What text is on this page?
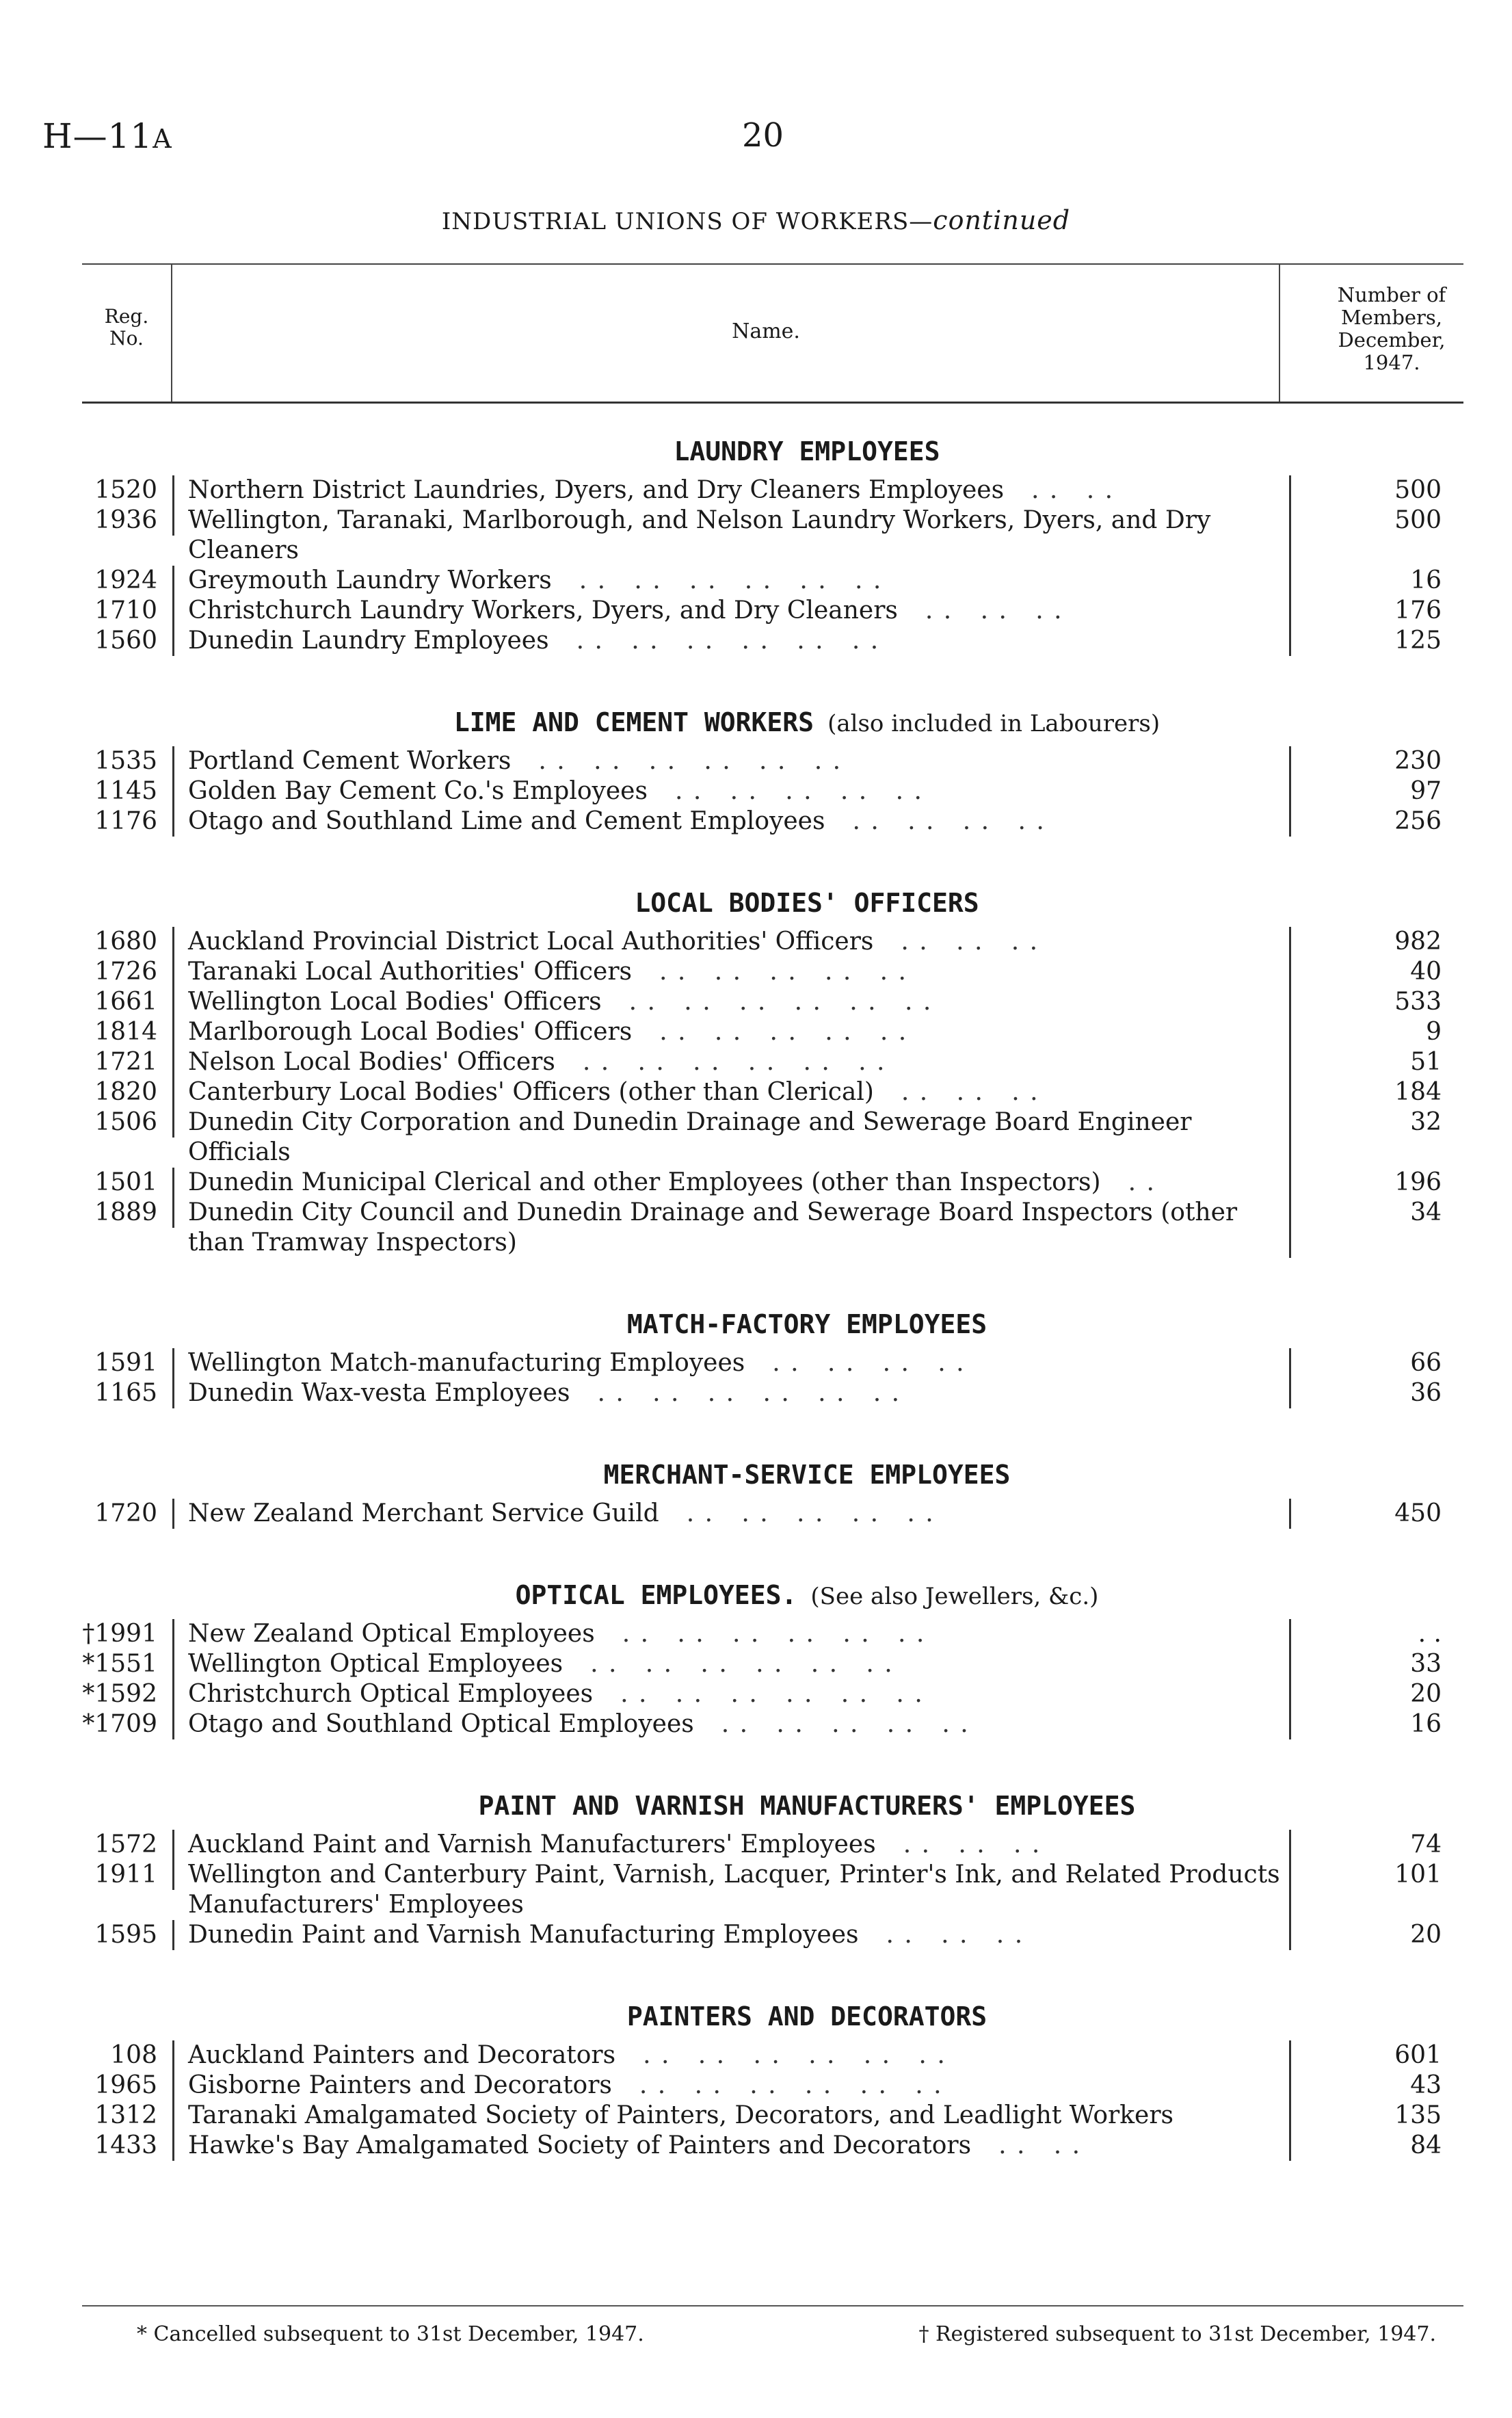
H—11A	20
INDUSTRIAL UNIONS OF WORKERS—continued
Reg.
No.	Name.
Number of
Members,
December,
1947.
LAUNDRY EMPLOYEES
1520	Northern District Laundries, Dyers, and Dry Cleaners Employees . .   . .	500
1936	Wellington, Taranaki, Marlborough, and Nelson Laundry Workers, Dyers, and Dry Cleaners
500
1924	Greymouth Laundry Workers . .   . .   . .   . .   . .   . .	16
1710	Christchurch Laundry Workers, Dyers, and Dry Cleaners . .   . .   . .	176
1560	Dunedin Laundry Employees . .   . .   . .   . .   . .   . .	125
LIME AND CEMENT WORKERS (also included in Labourers)
1535	Portland Cement Workers . .   . .   . .   . .   . .   . .	230
1145	Golden Bay Cement Co.'s Employees . .   . .   . .   . .   . .	97
1176	Otago and Southland Lime and Cement Employees . .   . .   . .   . .	256
LOCAL BODIES' OFFICERS
1680	Auckland Provincial District Local Authorities' Officers . .   . .   . .	982
1726	Taranaki Local Authorities' Officers . .   . .   . .   . .   . .	40
1661	Wellington Local Bodies' Officers . .   . .   . .   . .   . .   . .	533
1814	Marlborough Local Bodies' Officers . .   . .   . .   . .   . .	9
1721	Nelson Local Bodies' Officers . .   . .   . .   . .   . .   . .	51
1820	Canterbury Local Bodies' Officers (other than Clerical) . .   . .   . .	184
1506	Dunedin City Corporation and Dunedin Drainage and Sewerage Board Engineer Officials
32
1501	Dunedin Municipal Clerical and other Employees (other than Inspectors) . .	196
1889	Dunedin City Council and Dunedin Drainage and Sewerage Board Inspectors (other than Tramway Inspectors)
34
MATCH-FACTORY EMPLOYEES
1591	Wellington Match-manufacturing Employees . .   . .   . .   . .	66
1165	Dunedin Wax-vesta Employees . .   . .   . .   . .   . .   . .	36
MERCHANT-SERVICE EMPLOYEES
1720	New Zealand Merchant Service Guild . .   . .   . .   . .   . .	450
OPTICAL EMPLOYEES. (See also Jewellers, &c.)
†1991	New Zealand Optical Employees . .   . .   . .   . .   . .   . .	. .
*1551	Wellington Optical Employees . .   . .   . .   . .   . .   . .	33
*1592	Christchurch Optical Employees . .   . .   . .   . .   . .   . .	20
*1709	Otago and Southland Optical Employees . .   . .   . .   . .   . .	16
PAINT AND VARNISH MANUFACTURERS' EMPLOYEES
1572	Auckland Paint and Varnish Manufacturers' Employees . .   . .   . .	74
1911	Wellington and Canterbury Paint, Varnish, Lacquer, Printer's Ink, and Related Products Manufacturers' Employees
101
1595	Dunedin Paint and Varnish Manufacturing Employees . .   . .   . .	20
PAINTERS AND DECORATORS
108	Auckland Painters and Decorators . .   . .   . .   . .   . .   . .	601
1965	Gisborne Painters and Decorators . .   . .   . .   . .   . .   . .	43
1312	Taranaki Amalgamated Society of Painters, Decorators, and Leadlight Workers	135
1433	Hawke's Bay Amalgamated Society of Painters and Decorators . .   . .	84
* Cancelled subsequent to 31st December, 1947.	† Registered subsequent to 31st December, 1947.
